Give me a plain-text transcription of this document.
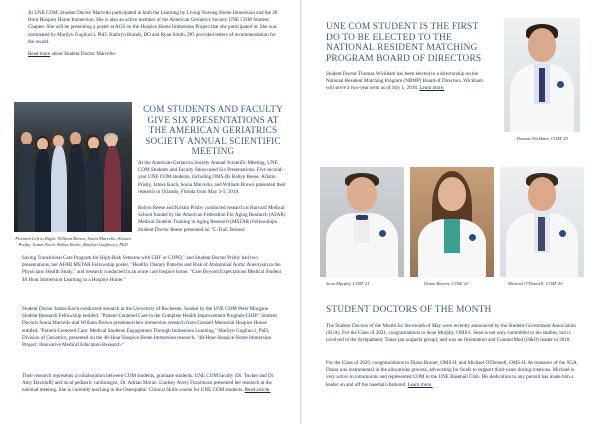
At UNE COM, Student Doctor Marcello participated in both the Learning by Living Nursing Home Immersion and the 48 Hour Hospice Home Immersion. She is also an active member of the American Geriatrics Society UNE COM Student Chapter. She will be presenting a poster at AGS on the Hospice Home Immersion Project that she participated in. She was nominated by Marilyn Gugliucci, PhD, Kathryn Brandt, DO and Ryan Smith, DO provided letters of recommendation for the award.
Read more about Student Doctor Marcello.
Pictured Left to Right: William Brown, Sonia Marcello, Kristin Prisby, James Koch, Robyn Reese, Marilyn Gugliucci, PhD
COM STUDENTS AND FACULTY GIVE SIX PRESENTATIONS AT THE AMERICAN GERIATRICS SOCIETY ANNUAL SCIENTIFIC MEETING
At the American Geriatrics Society Annual Scientific Meeting, UNE COM Students and Faculty Showcased Six Presentations. Five second-year UNE COM students, including OMS-IIs Robyn Reese, Kristin Prisby, James Koch, Sonia Marcello, and William Brown presented their research in Orlando, Florida from May 3-5, 2018.
Robyn Reese and Kristin Prisby conducted research at Harvard Medical School funded by the American Federation For Aging Research (AFAR) Medical Student Training in Aging Research (MSTAR) Fellowships. Student Doctor Reese presented on "C-TraC Boston:
Saving Transitional Care Program for High-Risk Veterans with CHF or COPD," and Student Doctor Prisby had two presentations, her AFAR MSTAR Fellowship poster, "Healthy Dietary Patterns and Risk of Abdominal Aortic Aneurysm in the Physicians' Health Study," and research conducted in an acute care hospice home, "Care Beyond Expectations Medical Student 48 Hour Immersion Learning in a Hospice Home."
Student Doctor James Koch conducted research at the University of Rochester, funded by the UNE COM Peter Morgane Student Research Fellowship entitled, "Patient-Centered Care in the Complete Health Improvement Program-CHIP." Student Doctors Sonia Marcello and William Brown presented their immersion research from Gosnell Memorial Hospice House entitled, "Patient-Centered Care: Medical Students Engagement Through Immersion Learning," Marilyn Gugliucci, PhD, Division of Geriatrics, presented on the 48-Hour Hospice Home Immersion research, "48-Hour Hospice Home Immersion Project: Innovative Medical Education Research."
Their research represents a collaboration between COM students, graduate students, UNE COM faculty (Dr. Tucker and Dr. Amy Davidoff) and local pediatric cardiologist, Dr. Adrian Moran. Lindsey Avery Fitzsimons presented her research at the national meeting. She is currently teaching in the Osteopathic Clinical Skills course for UNE COM students. Read article.
UNE COM STUDENT IS THE FIRST DO TO BE ELECTED TO THE NATIONAL RESIDENT MATCHING PROGRAM BOARD OF DIRECTORS
Student Doctor Thomas Wickham has been elected to a directorship on the National Resident Matching Program (NRMP) Board of Directors. Wickham will serve a two-year term as of July 1, 2018. Learn more.
Thomas Wickham, COM '20
Sean Murphy, COM '21	Diana Bruner, COM '20	Michael O'Donnell, COM '20
STUDENT DOCTORS OF THE MONTH
The Student Doctors of the Month for the month of May were recently announced by the Student Government Association (SGA). For the Class of 2021, congratulations to Sean Murphy, OMS-I. Sean is not only committed to his studies, but is involved in the Sympathetic Tones (an acapella group), and was an Orientation and ConnectMed (O&O) leader in 2018.
For the Class of 2020, congratulations to Diana Bruner, OMS-II, and Michael O'Donnell, OMS-II. As treasurer of the SGA, Diana was instrumental in the allocations process, advocating for funds to support third-years during rotations. Michael is very active in intramurals and represented COM in the UNE Baseball Club. His dedication to any pursuit has made him a leader on and off the baseball diamond. Learn more.
